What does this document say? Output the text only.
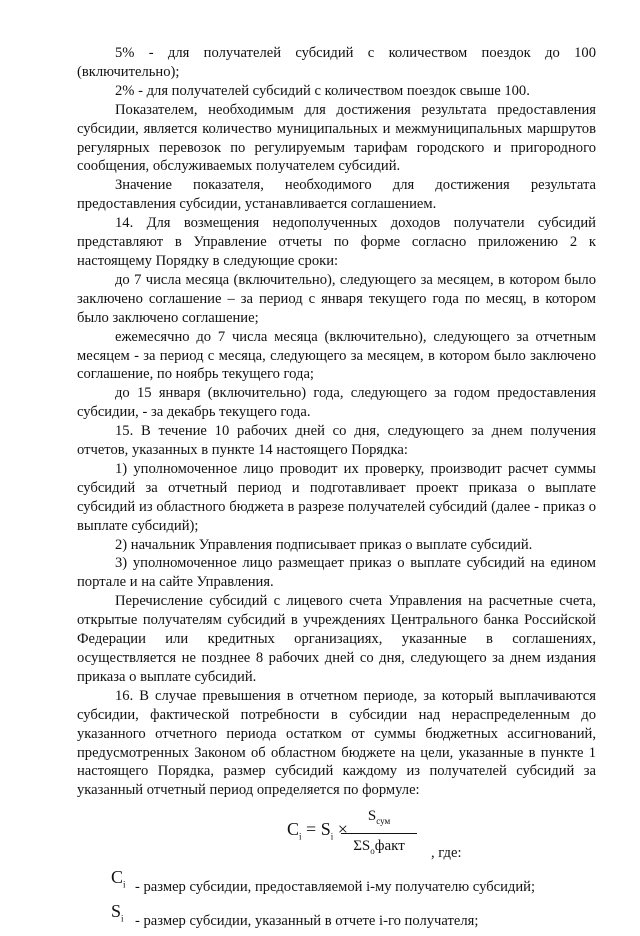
5% - для получателей субсидий с количеством поездок до 100 (включительно);

2% - для получателей субсидий с количеством поездок свыше 100.

Показателем, необходимым для достижения результата предоставления субсидии, является количество муниципальных и межмуниципальных маршрутов регулярных перевозок по регулируемым тарифам городского и пригородного сообщения, обслуживаемых получателем субсидий.

Значение показателя, необходимого для достижения результата предоставления субсидии, устанавливается соглашением.

14. Для возмещения недополученных доходов получатели субсидий представляют в Управление отчеты по форме согласно приложению 2 к настоящему Порядку в следующие сроки:

до 7 числа месяца (включительно), следующего за месяцем, в котором было заключено соглашение – за период с января текущего года по месяц, в котором было заключено соглашение;

ежемесячно до 7 числа месяца (включительно), следующего за отчетным месяцем - за период с месяца, следующего за месяцем, в котором было заключено соглашение, по ноябрь текущего года;

до 15 января (включительно) года, следующего за годом предоставления субсидии, - за декабрь текущего года.

15. В течение 10 рабочих дней со дня, следующего за днем получения отчетов, указанных в пункте 14 настоящего Порядка:

1) уполномоченное лицо проводит их проверку, производит расчет суммы субсидий за отчетный период и подготавливает проект приказа о выплате субсидий из областного бюджета в разрезе получателей субсидий (далее - приказ о выплате субсидий);

2) начальник Управления подписывает приказ о выплате субсидий.

3) уполномоченное лицо размещает приказ о выплате субсидий на едином портале и на сайте Управления.

Перечисление субсидий с лицевого счета Управления на расчетные счета, открытые получателям субсидий в учреждениях Центрального банка Российской Федерации или кредитных организациях, указанные в соглашениях, осуществляется не позднее 8 рабочих дней со дня, следующего за днем издания приказа о выплате субсидий.

16. В случае превышения в отчетном периоде, за который выплачиваются субсидии, фактической потребности в субсидии над нераспределенным до указанного отчетного периода остатком от суммы бюджетных ассигнований, предусмотренных Законом об областном бюджете на цели, указанные в пункте 1 настоящего Порядка, размер субсидий каждому из получателей субсидий за указанный отчетный период определяется по формуле:

$C_i = S_i$ ×
$S_{сум}$
$\Sigma S_oфакт$	, где:
$C_i$ - размер субсидии, предоставляемой i-му получателю субсидий;
$S_i$ - размер субсидии, указанный в отчете i-го получателя;
